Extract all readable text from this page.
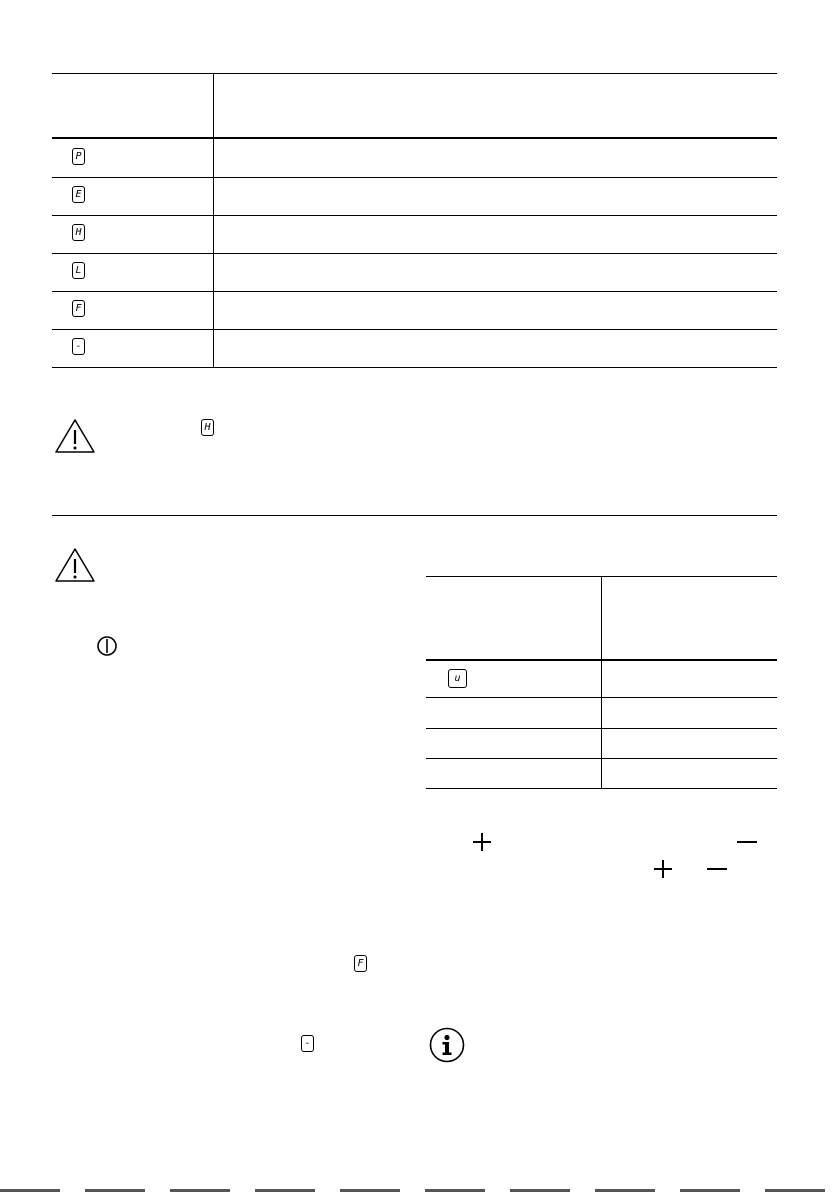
P
E
H
L
F
-
H
u
F
-
